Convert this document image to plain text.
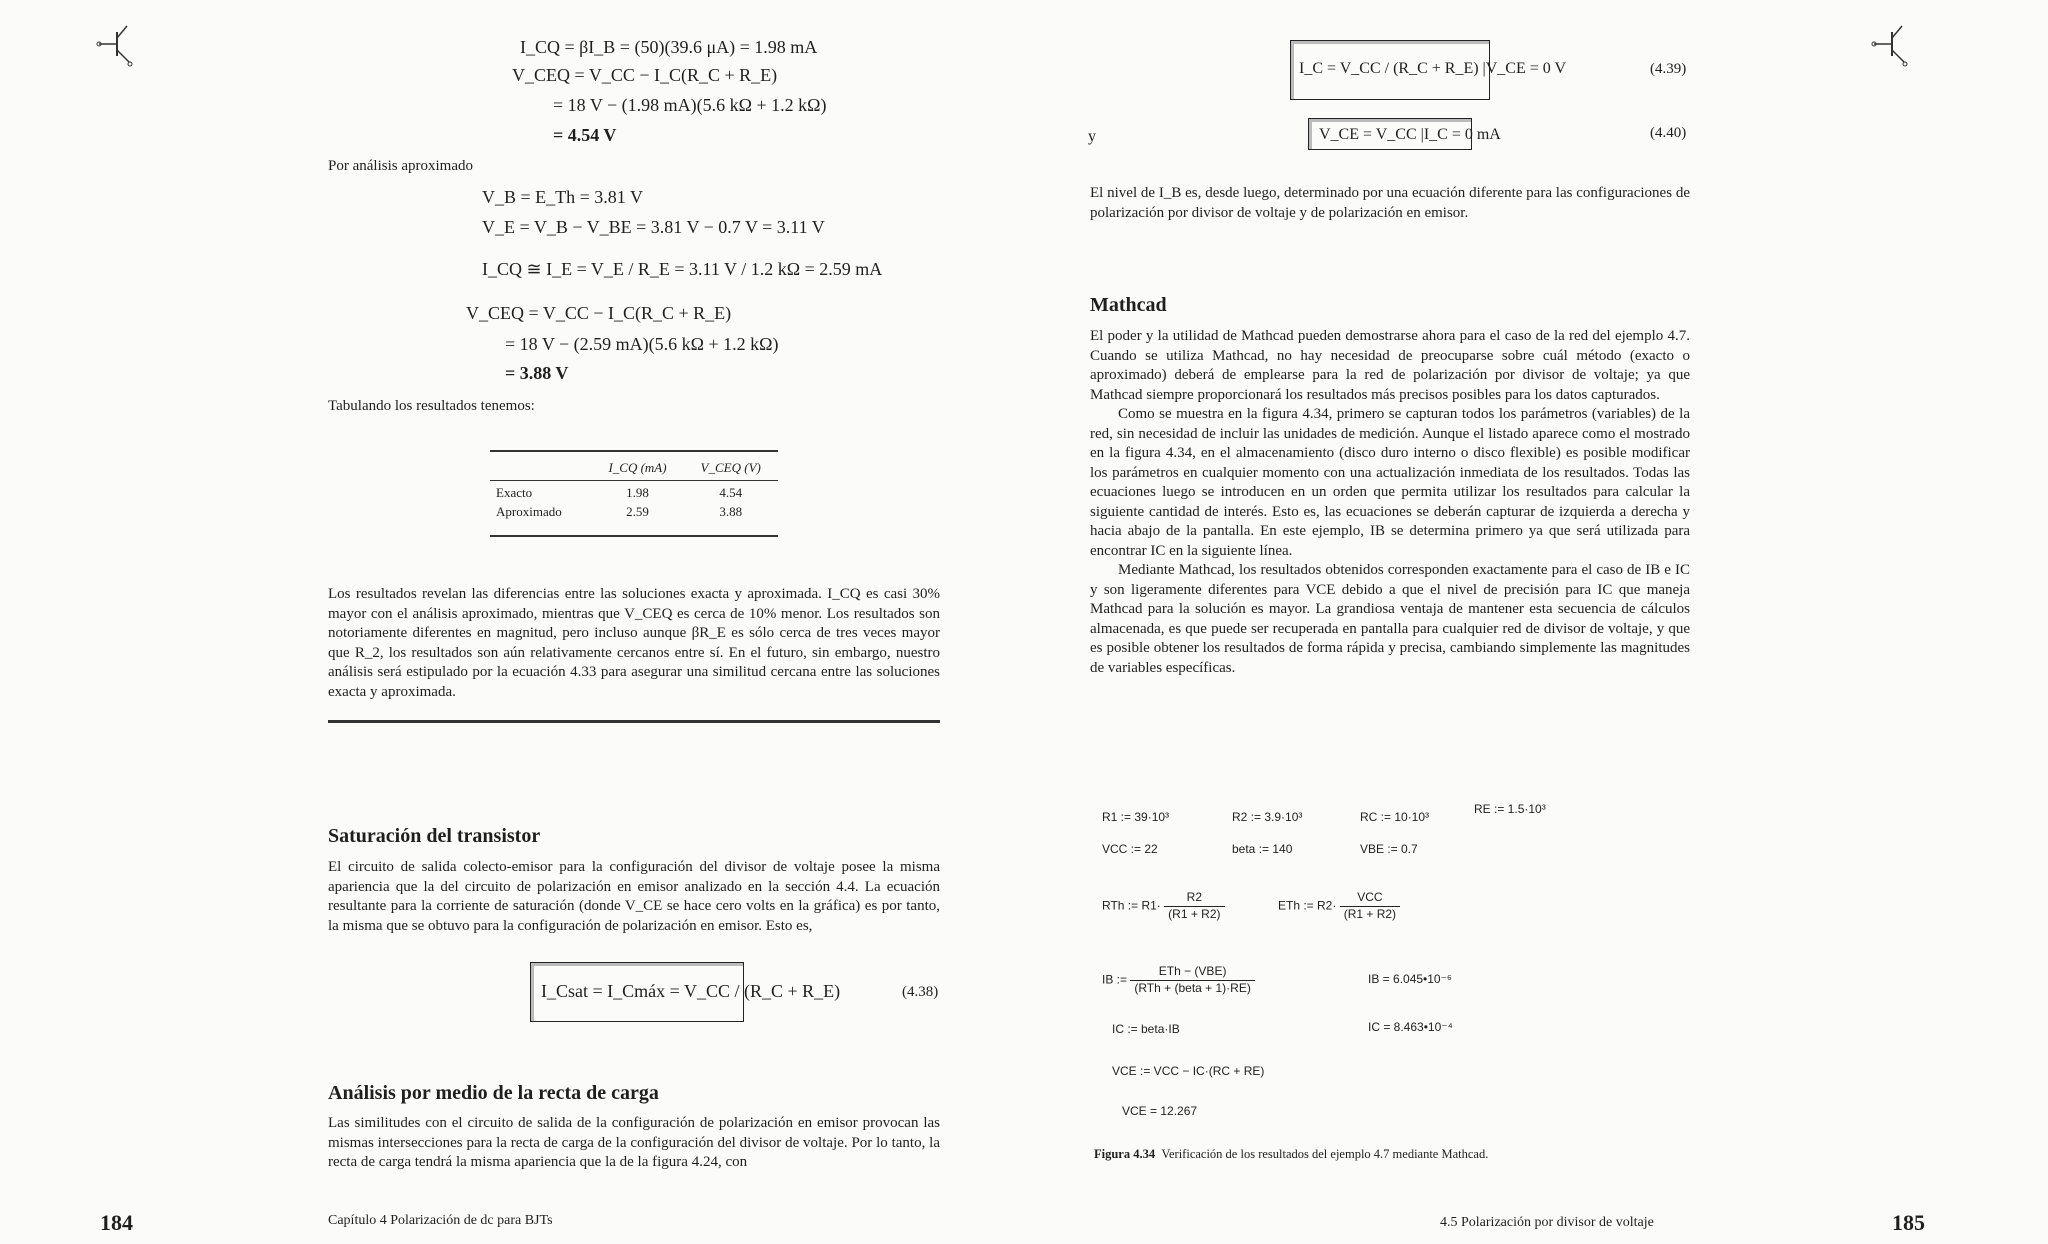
I_CQ = βI_B = (50)(39.6 μA) = 1.98 mA
V_CEQ = V_CC − I_C(R_C + R_E)
= 18 V − (1.98 mA)(5.6 kΩ + 1.2 kΩ)
= 4.54 V
Por análisis aproximado
V_B = E_Th = 3.81 V
V_E = V_B − V_BE = 3.81 V − 0.7 V = 3.11 V
I_CQ ≅ I_E = V_E / R_E = 3.11 V / 1.2 kΩ = 2.59 mA
V_CEQ = V_CC − I_C(R_C + R_E)
= 18 V − (2.59 mA)(5.6 kΩ + 1.2 kΩ)
= 3.88 V
Tabulando los resultados tenemos:
	I_CQ (mA)	V_CEQ (V)

Exacto	1.98	4.54
Aproximado	2.59	3.88

Los resultados revelan las diferencias entre las soluciones exacta y aproximada. I_CQ es casi 30% mayor con el análisis aproximado, mientras que V_CEQ es cerca de 10% menor. Los resultados son notoriamente diferentes en magnitud, pero incluso aunque βR_E es sólo cerca de tres veces mayor que R_2, los resultados son aún relativamente cercanos entre sí. En el futuro, sin embargo, nuestro análisis será estipulado por la ecuación 4.33 para asegurar una similitud cercana entre las soluciones exacta y aproximada.

Saturación del transistor

El circuito de salida colecto-emisor para la configuración del divisor de voltaje posee la misma apariencia que la del circuito de polarización en emisor analizado en la sección 4.4. La ecuación resultante para la corriente de saturación (donde V_CE se hace cero volts en la gráfica) es por tanto, la misma que se obtuvo para la configuración de polarización en emisor. Esto es,

I_Csat = I_Cmáx = V_CC / (R_C + R_E)	(4.38)
Análisis por medio de la recta de carga

Las similitudes con el circuito de salida de la configuración de polarización en emisor provocan las mismas intersecciones para la recta de carga de la configuración del divisor de voltaje. Por lo tanto, la recta de carga tendrá la misma apariencia que la de la figura 4.24, con

184	Capítulo 4 Polarización de dc para BJTs
I_C = V_CC / (R_C + R_E) |V_CE = 0 V	(4.39)
y	V_CE = V_CC |I_C = 0 mA	(4.40)

El nivel de I_B es, desde luego, determinado por una ecuación diferente para las configuraciones de polarización por divisor de voltaje y de polarización en emisor.

Mathcad

El poder y la utilidad de Mathcad pueden demostrarse ahora para el caso de la red del ejemplo 4.7. Cuando se utiliza Mathcad, no hay necesidad de preocuparse sobre cuál método (exacto o aproximado) deberá de emplearse para la red de polarización por divisor de voltaje; ya que Mathcad siempre proporcionará los resultados más precisos posibles para los datos capturados.

Como se muestra en la figura 4.34, primero se capturan todos los parámetros (variables) de la red, sin necesidad de incluir las unidades de medición. Aunque el listado aparece como el mostrado en la figura 4.34, en el almacenamiento (disco duro interno o disco flexible) es posible modificar los parámetros en cualquier momento con una actualización inmediata de los resultados. Todas las ecuaciones luego se introducen en un orden que permita utilizar los resultados para calcular la siguiente cantidad de interés. Esto es, las ecuaciones se deberán capturar de izquierda a derecha y hacia abajo de la pantalla. En este ejemplo, IB se determina primero ya que será utilizada para encontrar IC en la siguiente línea.

Mediante Mathcad, los resultados obtenidos corresponden exactamente para el caso de IB e IC y son ligeramente diferentes para VCE debido a que el nivel de precisión para IC que maneja Mathcad para la solución es mayor. La grandiosa ventaja de mantener esta secuencia de cálculos almacenada, es que puede ser recuperada en pantalla para cualquier red de divisor de voltaje, y que es posible obtener los resultados de forma rápida y precisa, cambiando simplemente las magnitudes de variables específicas.

R1 := 39·10³	R2 := 3.9·10³	RC := 10·10³
RE := 1.5·10³
VCC := 22	beta := 140	VBE := 0.7
RTh := $R1\cdot \frac{R2}{(R1 + R2)}$	ETh := $R2\cdot \frac{\text{VCC}}{(R1 + R2)}$
IB := $\frac{\text{ETh − (VBE)}}{\text{(RTh + (beta + 1)·RE)}}$	IB = 6.045•10⁻⁶
IC := beta·IB	IC = 8.463•10⁻⁴
VCE := VCC − IC·(RC + RE)
VCE = 12.267
Figura 4.34 Verificación de los resultados del ejemplo 4.7 mediante Mathcad.
4.5 Polarización por divisor de voltaje	185
